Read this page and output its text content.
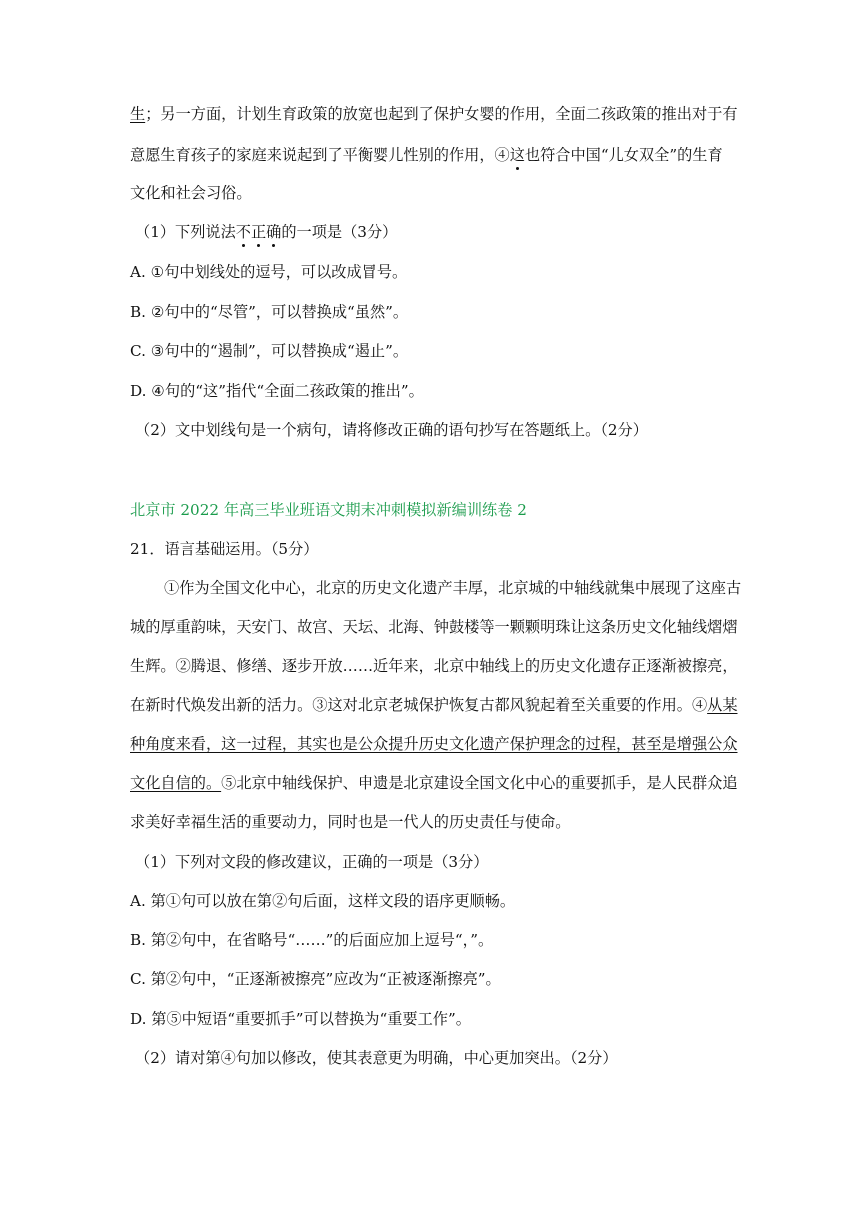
生；另一方面，计划生育政策的放宽也起到了保护女婴的作用，全面二孩政策的推出对于有
意愿生育孩子的家庭来说起到了平衡婴儿性别的作用，④这也符合中国“儿女双全”的生育
文化和社会习俗。
（1）下列说法不正确的一项是（3分）
A. ①句中划线处的逗号，可以改成冒号。
B. ②句中的“尽管”，可以替换成“虽然”。
C. ③句中的“遏制”，可以替换成“遏止”。
D. ④句的“这”指代“全面二孩政策的推出”。
（2）文中划线句是一个病句，请将修改正确的语句抄写在答题纸上。（2分）
北京市 2022 年高三毕业班语文期末冲刺模拟新编训练卷 2
21．语言基础运用。（5分）
①作为全国文化中心，北京的历史文化遗产丰厚，北京城的中轴线就集中展现了这座古
城的厚重韵味，天安门、故宫、天坛、北海、钟鼓楼等一颗颗明珠让这条历史文化轴线熠熠
生辉。②腾退、修缮、逐步开放……近年来，北京中轴线上的历史文化遗存正逐渐被擦亮，
在新时代焕发出新的活力。③这对北京老城保护恢复古都风貌起着至关重要的作用。④从某
种角度来看，这一过程，其实也是公众提升历史文化遗产保护理念的过程，甚至是增强公众
文化自信的。⑤北京中轴线保护、申遗是北京建设全国文化中心的重要抓手，是人民群众追
求美好幸福生活的重要动力，同时也是一代人的历史责任与使命。
（1）下列对文段的修改建议，正确的一项是（3分）
A. 第①句可以放在第②句后面，这样文段的语序更顺畅。
B. 第②句中，在省略号“……”的后面应加上逗号“，”。
C. 第②句中，“正逐渐被擦亮”应改为“正被逐渐擦亮”。
D. 第⑤中短语“重要抓手”可以替换为“重要工作”。
（2）请对第④句加以修改，使其表意更为明确，中心更加突出。（2分）
